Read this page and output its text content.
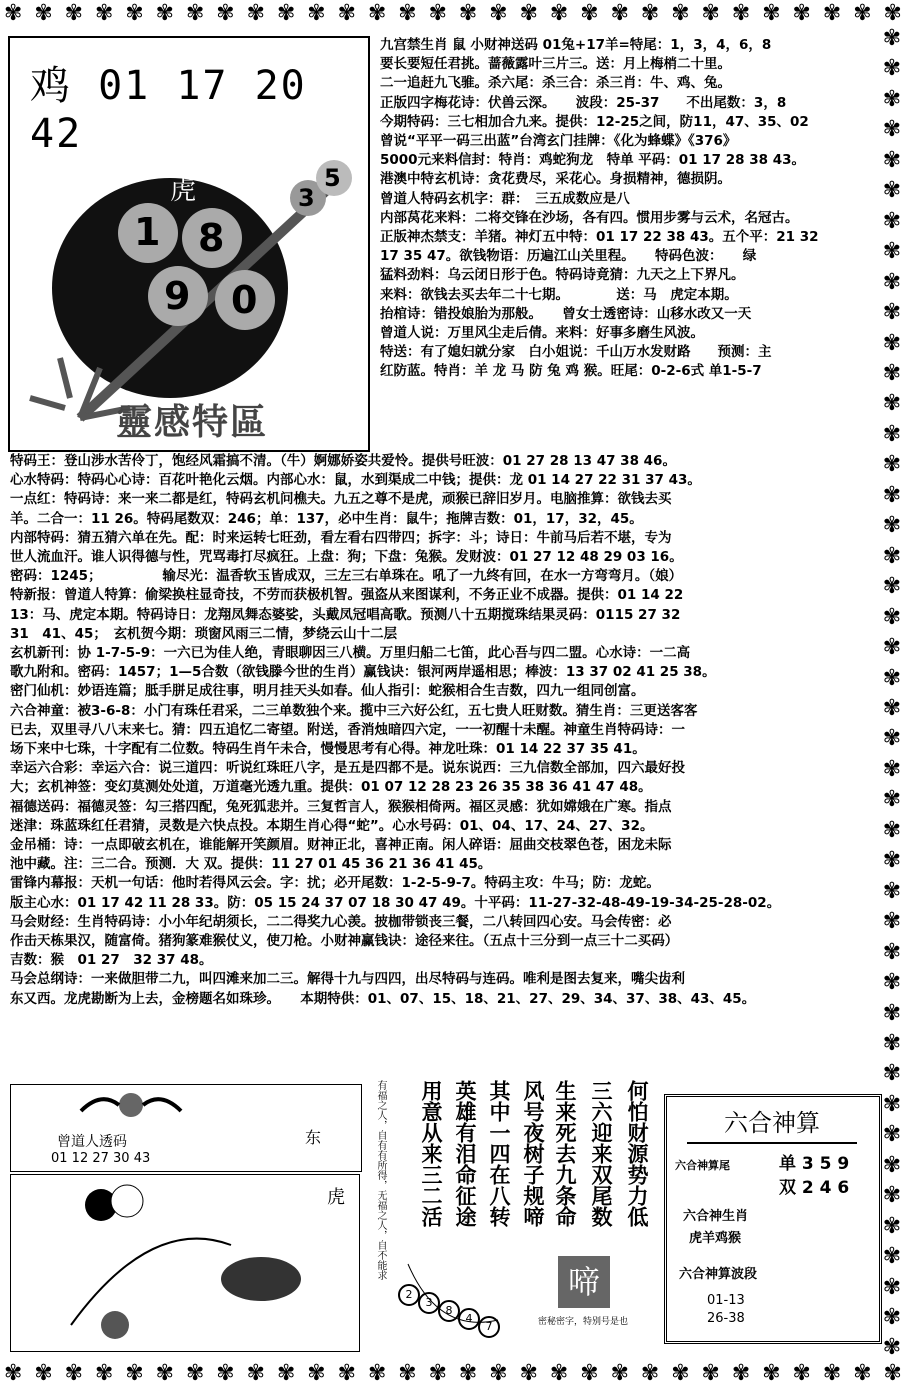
✾ ✾ ✾ ✾ ✾ ✾ ✾ ✾ ✾ ✾ ✾ ✾ ✾ ✾ ✾ ✾ ✾ ✾ ✾ ✾ ✾ ✾ ✾ ✾ ✾ ✾ ✾ ✾ ✾ ✾
✾ ✾ ✾ ✾ ✾ ✾ ✾ ✾ ✾ ✾ ✾ ✾ ✾ ✾ ✾ ✾ ✾ ✾ ✾ ✾ ✾ ✾ ✾ ✾ ✾ ✾ ✾ ✾ ✾ ✾
✾
✾
✾
✾
✾
✾
✾
✾
✾
✾
✾
✾
✾
✾
✾
✾
✾
✾
✾
✾
✾
✾
✾
✾
✾
✾
✾
✾
✾
✾
✾
✾
✾
✾
✾
✾
✾
✾
✾
✾
✾
✾
✾
✾
鸡 01 17 20 42
虎
1 8
9 0
3
5
靈感特區
九宫禁生肖 鼠 小财神送码 01兔+17羊=特尾：1，3，4，6，8
要长要短任君挑。蔷薇露叶三片三。送：月上梅梢二十里。
二一追赶九飞骓。杀六尾：杀三合：杀三肖：牛、鸡、兔。
正版四字梅花诗：伏兽云深。　　波段：25-37　　不出尾数：3，8
今期特码：三七相加合九来。提供：12-25之间，防11，47、35、02
曾说“平平一码三出蓝”台湾玄门挂牌：《化为蜂蝶》《376》
5000元来料信封：特肖：鸡蛇狗龙　特单 平码：01 17 28 38 43。
港澳中特玄机诗：贪花费尽，采花心。身损精神，德损阴。
曾道人特码玄机字：群：　三五成数应是八
内部莴花来料：二将交锋在沙场，各有四。惯用步雾与云术，名冠古。
正版神杰禁支：羊猪。神灯五中特：01 17 22 38 43。五个平：21 32
17 35 47。欲钱物语：历遍江山关里程。　　特码色波：　　绿
猛料劲料：乌云闭日形于色。特码诗竟猜：九天之上下界凡。
来料：欲钱去买去年二十七期。　　　　送：马　虎定本期。
抬棺诗：错投娘胎为那般。　　曾女士透密诗：山移水改又一天
曾道人说：万里风尘走后倩。来料：好事多磨生风波。
特送：有了媳妇就分家　白小姐说：千山万水发财路　　预测：主
红防蓝。特肖：羊 龙 马 防 兔 鸡 猴。旺尾：0-2-6式 单1-5-7
特码王：登山涉水苦伶丁，饱经风霜搞不清。（牛）婀娜娇姿共爱怜。提供号旺波：01 27 28 13 47 38 46。
心水特码：特码心心诗：百花叶艳化云烟。内部心水：鼠，水到渠成二中钱；提供：龙 01 14 27 22 31 37 43。
一点红：特码诗：来一来二都是红，特码玄机问樵夫。九五之尊不是虎，顽猴已辞旧岁月。电脑推算：欲钱去买
羊。二合一：11 26。特码尾数双：246；单：137，必中生肖：鼠牛；拖牌吉数：01，17，32，45。
内部特码：猜五猜六单在先。配：时来运转七旺劲，看左看右四带四；拆字：斗；诗日：牛前马后若不堪，专为
世人流血汗。谁人识得德与性，咒骂毒打尽疯狂。上盘：狗；下盘：兔猴。发财波：01 27 12 48 29 03 16。
密码：1245；　　　　　输尽光：温香软玉皆成双，三左三右单珠在。吼了一九终有回，在水一方弯弯月。（娘）
特新报：曾道人特算：偷梁换柱显奇技，不劳而获极机智。强盗从来图谋利，不务正业不成器。提供：01 14 22
13：马、虎定本期。特码诗日：龙翔凤舞态婆娑，头戴凤冠唱高歌。预测八十五期搅珠结果灵码：0115 27 32
31　41、45；　玄机贺今期：琐窗风雨三二情，梦绕云山十二层
玄机新刊：协 1-7-5-9：一六已为佳人绝，青眼聊因三八横。万里归船二七笛，此心吾与四二盟。心水诗：一二高
歌九附和。密码：1457；1—5合数（欲钱滕今世的生肖）赢钱诀：银河两岸遥相思；棒波：13 37 02 41 25 38。
密门仙机：妙语连篇；胝手胼足成往事，明月挂天头如春。仙人指引：蛇猴相合生吉数，四九一组同创富。
六合神童：被3-6-8：小门有珠任君采，二三单数独个来。揽中三六好公红，五七贵人旺财数。猜生肖：三更送客客
已去，双里寻八八末来七。猜：四五追忆二寄望。附送，香消烛暗四六定，一一初醒十未醒。神童生肖特码诗：一
场下来中七珠，十字配有二位数。特码生肖午未合，慢慢思考有心得。神龙吐珠：01 14 22 37 35 41。
幸运六合彩：幸运六合：说三道四：听说红珠旺八字，是五是四都不是。说东说西：三九信数全部加，四六最好投
大；玄机神签：变幻莫测处处道，万道毫光透九重。提供：01 07 12 28 23 26 35 38 36 41 47 48。
福德送码：福德灵签：勾三搭四配，兔死狐悲并。三复哲言人，猴猴相倚两。福区灵感：犹如嫦娥在广寒。指点
迷津：珠蓝珠红任君猜，灵数是六快点投。本期生肖心得“蛇”。心水号码：01、04、17、24、27、32。
金吊桶：诗：一点即破玄机在，谁能解开笑颜眉。财神正北，喜神正南。闲人碎语：屈曲交枝翠色苍，困龙未际
池中藏。注：三二合。预测．大 双。提供：11 27 01 45 36 21 36 41 45。
雷锋内幕报：天机一句话：他时若得风云会。字：扰；必开尾数：1-2-5-9-7。特码主攻：牛马；防：龙蛇。
版主心水：01 17 42 11 28 33。防：05 15 24 37 07 18 30 47 49。十平码：11-27-32-48-49-19-34-25-28-02。
马会财经：生肖特码诗：小小年纪胡须长，二二得奖九心羡。披枷带锁丧三餐，二八转回四心安。马会传密：必
作击天栋果汉，随富倚。猪狗篆难猴仗义，使刀枪。小财神赢钱诀：途径来往。（五点十三分到一点三十二买码）
吉数：猴　01 27　32 37 48。
马会总纲诗：一来做胆带二九，叫四滩来加二三。解得十九与四四，出尽特码与连码。唯利是图去复来，嘴尖齿利
东又西。龙虎勘断为上去，金榜题名如珠珍。　　本期特供：01、07、15、18、21、27、29、34、37、38、43、45。
曾道人透码
01 12 27 30 43
东
虎	有福之人，自有有所得，无福之人，自不能求
2
3
8
4
7
何怕财源势力低
三六迎来双尾数
生来死去九条命
风号夜树子规啼
其中一四在八转
英雄有泪命征途
用意从来三二活
啼
密秘密字，特别号是也
六合神算
六合神算尾	单 3 5 9
双 2 4 6
六合神生肖
虎羊鸡猴
六合神算波段
01-13
26-38
